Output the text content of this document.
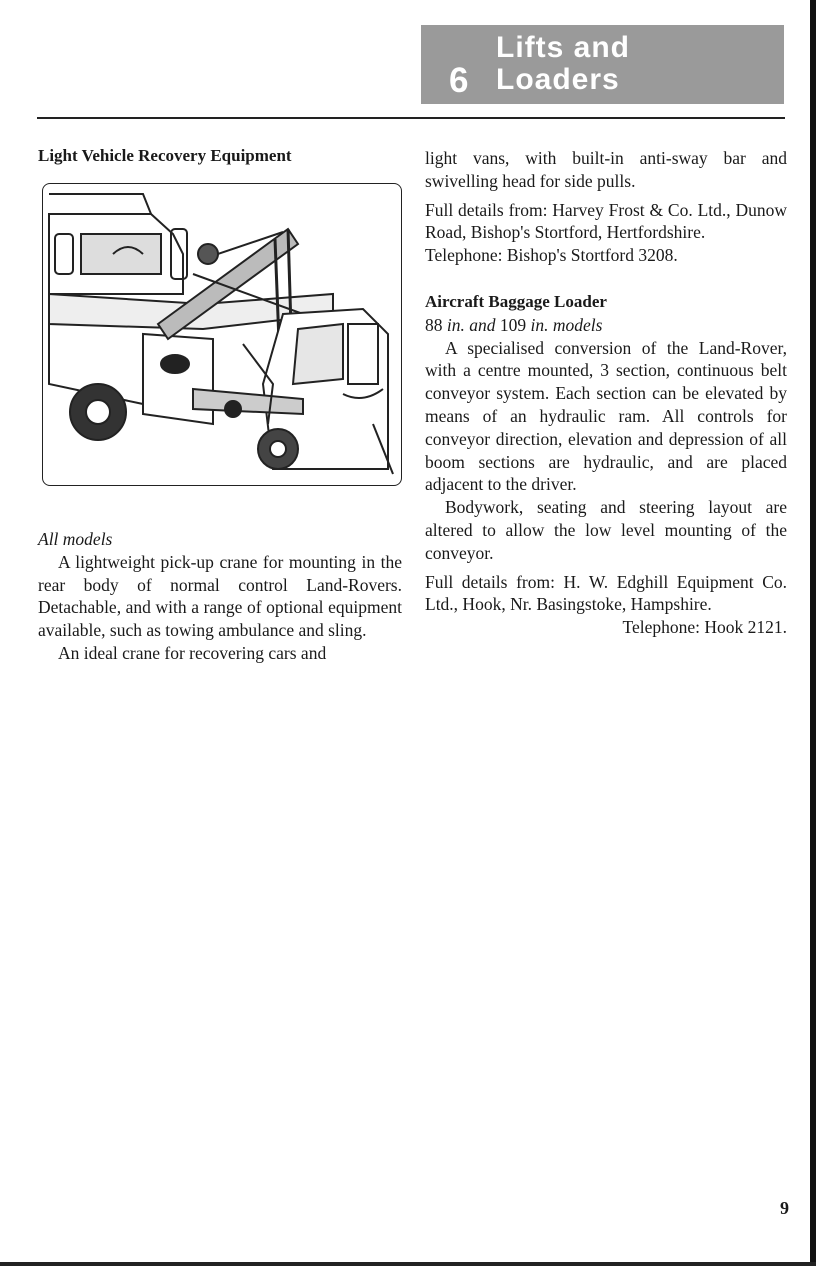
6
Lifts and
Loaders

Light Vehicle Recovery Equipment

All models

A lightweight pick-up crane for mounting in the rear body of normal control Land-Rovers. Detachable, and with a range of optional equipment available, such as towing ambulance and sling.

An ideal crane for recovering cars and

light vans, with built-in anti-sway bar and swivelling head for side pulls.

Full details from: Harvey Frost & Co. Ltd., Dunow Road, Bishop's Stortford, Hertfordshire.

Telephone: Bishop's Stortford 3208.

Aircraft Baggage Loader

88 in. and 109 in. models

A specialised conversion of the Land-Rover, with a centre mounted, 3 section, continuous belt conveyor system. Each section can be elevated by means of an hydraulic ram. All controls for conveyor direction, elevation and depression of all boom sections are hydraulic, and are placed adjacent to the driver.

Bodywork, seating and steering layout are altered to allow the low level mounting of the conveyor.

Full details from: H. W. Edghill Equipment Co. Ltd., Hook, Nr. Basingstoke, Hampshire.

Telephone: Hook 2121.

9
